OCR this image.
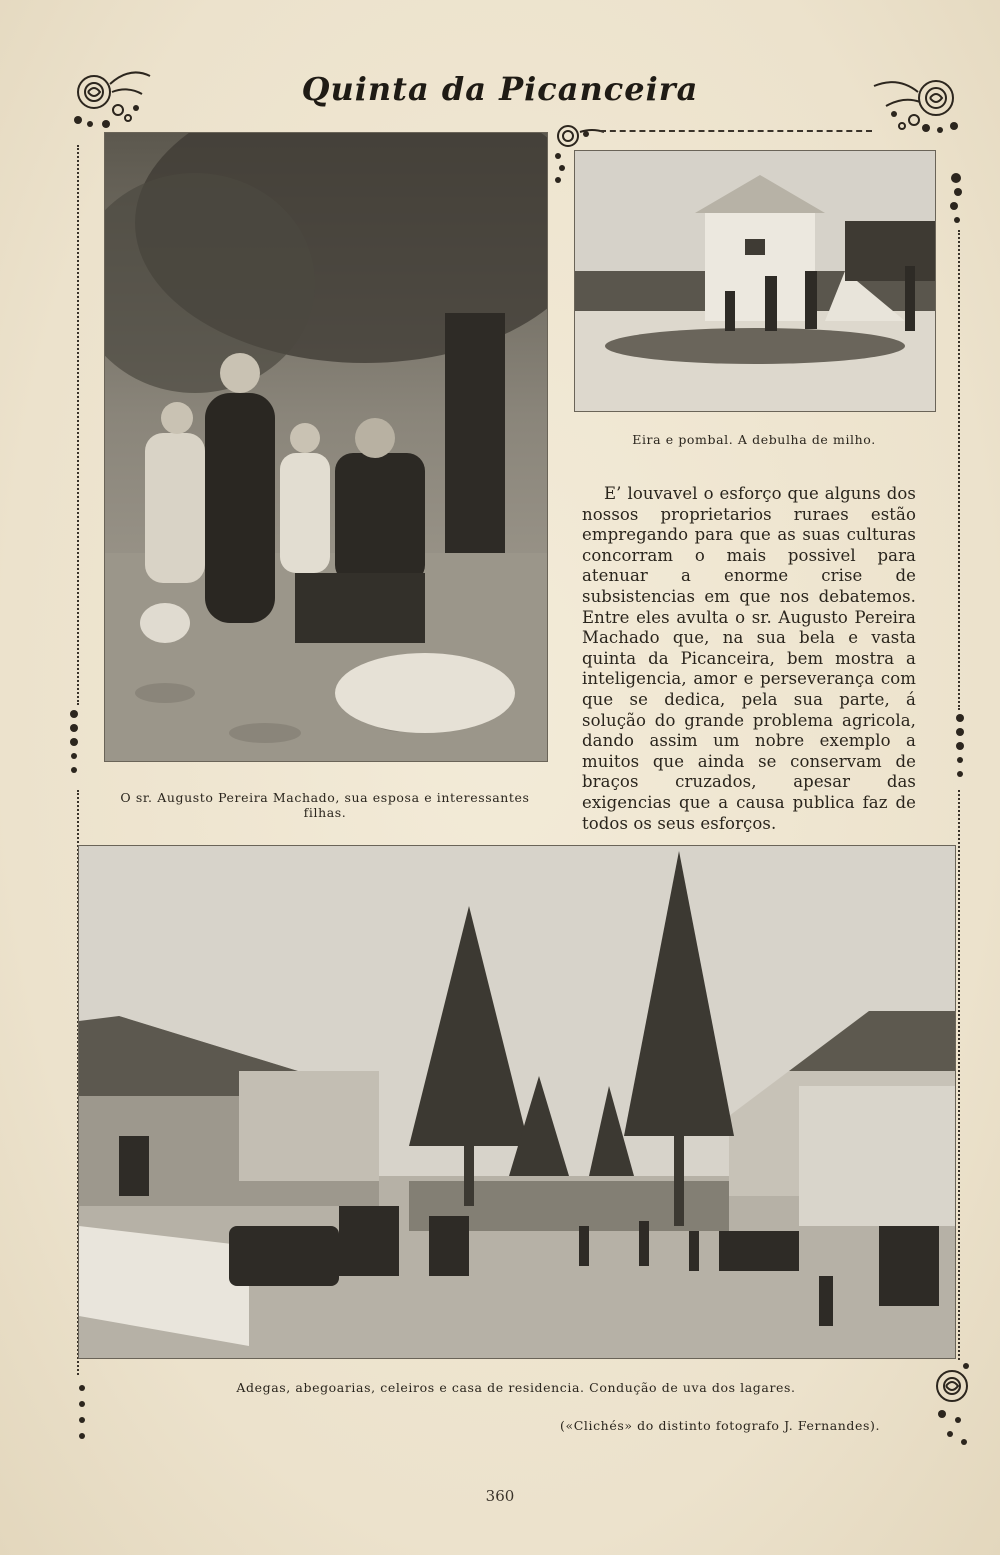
Quinta da Picanceira
O sr. Augusto Pereira Machado, sua esposa e interessantes filhas.
Eira e pombal. A debulha de milho.

E’ louvavel o esforço que alguns dos nossos proprietarios ruraes estão empregando para que as suas culturas concorram o mais possivel para atenuar a enorme crise de subsistencias em que nos debatemos. Entre eles avulta o sr. Augusto Pereira Machado que, na sua bela e vasta quinta da Picanceira, bem mostra a inteligencia, amor e perseverança com que se dedica, pela sua parte, á solução do grande problema agricola, dando assim um nobre exemplo a muitos que ainda se conservam de braços cruzados, apesar das exigencias que a causa publica faz de todos os seus esforços.

Adegas, abegoarias, celeiros e casa de residencia. Condução de uva dos lagares.
(«Clichés» do distinto fotografo J. Fernandes).
360
